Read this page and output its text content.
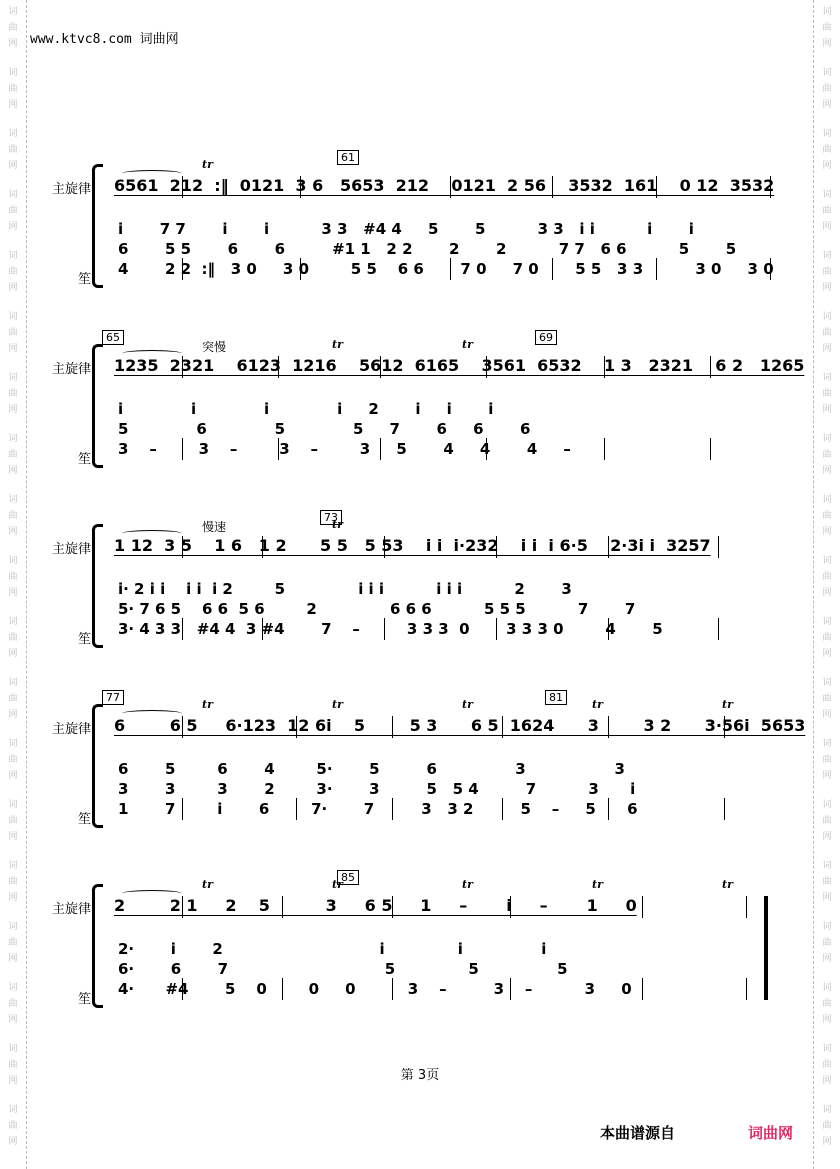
词
曲
网
词
曲
网
词
曲
网
词
曲
网
词
曲
网
词
曲
网
词
曲
网
词
曲
网
词
曲
网
词
曲
网
词
曲
网
词
曲
网
词
曲
网
词
曲
网
词
曲
网
词
曲
网
词
曲
网
词
曲
网
词
曲
网
词
曲
网
词
曲
网
词
曲
网
词
曲
网
词
曲
网
词
曲
网
词
曲
网
词
曲
网
词
曲
网
词
曲
网
词
曲
网
词
曲
网
词
曲
网
词
曲
网
词
曲
网
词
曲
网
词
曲
网
词
曲
网
词
曲
网
www.ktvc8.com 词曲网
主旋律
笙
61
6561  212  :‖  0121  3 6   5653  212    0121  2 56    3532  161    0 12  3532
i       7 7       i       i          3 3   #4 4     5       5          3 3   i i          i       i
6       5 5       6       6         #1 1   2 2       2       2          7 7   6 6          5       5
4       2 2  :‖   3 0     3 0        5 5    6 6       7 0     7 0       5 5   3 3          3 0     3 0
tr
主旋律
笙
65	69
1235  2321    6123  1216    5612  6165    3561  6532    1 3   2321    6 2   1265
i             i             i             i     2       i     i       i
5             6             5             5     7       6     6       6
3    –        3    –        3    –        3     5       4     4       4     –
突慢	tr	tr
主旋律
笙
73
1 12  3 5    1 6   1 2      5 5   5 53    i i  i·232    i i  i 6·5    2·3i i  3257
i· 2 i i    i i  i 2        5              i i i          i i i          2       3
5· 7 6 5    6 6  5 6        2              6 6 6          5 5 5          7       7
3· 4 3 3   #4 4  3 #4       7    –         3 3 3  0       3 3 3 0        4       5
慢速	tr
主旋律
笙
77	81
6        6 5     6·123  12 6i    5        5 3      6 5  1624      3        3 2      3·56i  5653
6       5        6       4        5·       5         6               3                 3
3       3        3       2        3·       3         5   5 4         7          3      i
1       7        i       6        7·       7         3   3 2         5    –     5      6
tr	tr	tr	tr	tr
主旋律
笙
85
2        2 1     2    5          3     6 5     1     –       i     –       1     0
2·       i       2                              i              i               i
6·       6       7                              5              5               5
4·      #4       5    0        0     0          3    –         3    –          3     0
tr	tr	tr	tr	tr
第 3页
本曲谱源自	词曲网
